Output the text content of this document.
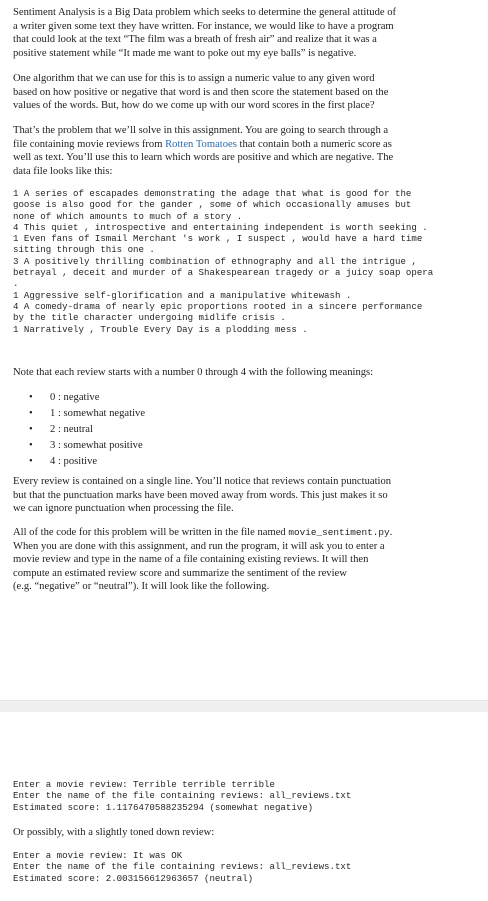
Sentiment Analysis is a Big Data problem which seeks to determine the general attitude of
a writer given some text they have written. For instance, we would like to have a program
that could look at the text “The film was a breath of fresh air” and realize that it was a
positive statement while “It made me want to poke out my eye balls” is negative.
One algorithm that we can use for this is to assign a numeric value to any given word
based on how positive or negative that word is and then score the statement based on the
values of the words. But, how do we come up with our word scores in the first place?
That’s the problem that we’ll solve in this assignment. You are going to search through a
file containing movie reviews from Rotten Tomatoes that contain both a numeric score as
well as text. You’ll use this to learn which words are positive and which are negative. The
data file looks like this:
1 A series of escapades demonstrating the adage that what is good for the
goose is also good for the gander , some of which occasionally amuses but
none of which amounts to much of a story .
4 This quiet , introspective and entertaining independent is worth seeking .
1 Even fans of Ismail Merchant 's work , I suspect , would have a hard time
sitting through this one .
3 A positively thrilling combination of ethnography and all the intrigue ,
betrayal , deceit and murder of a Shakespearean tragedy or a juicy soap opera
.
1 Aggressive self-glorification and a manipulative whitewash .
4 A comedy-drama of nearly epic proportions rooted in a sincere performance
by the title character undergoing midlife crisis .
1 Narratively , Trouble Every Day is a plodding mess .
Note that each review starts with a number 0 through 4 with the following meanings:
• 0 : negative
• 1 : somewhat negative
• 2 : neutral
• 3 : somewhat positive
• 4 : positive
Every review is contained on a single line. You’ll notice that reviews contain punctuation
but that the punctuation marks have been moved away from words. This just makes it so
we can ignore punctuation when processing the file.
All of the code for this problem will be written in the file named movie_sentiment.py.
When you are done with this assignment, and run the program, it will ask you to enter a
movie review and type in the name of a file containing existing reviews. It will then
compute an estimated review score and summarize the sentiment of the review
(e.g. “negative” or “neutral”). It will look like the following.
Enter a movie review: Terrible terrible terrible
Enter the name of the file containing reviews: all_reviews.txt
Estimated score: 1.1176470588235294 (somewhat negative)
Or possibly, with a slightly toned down review:
Enter a movie review: It was OK
Enter the name of the file containing reviews: all_reviews.txt
Estimated score: 2.003156612963657 (neutral)
